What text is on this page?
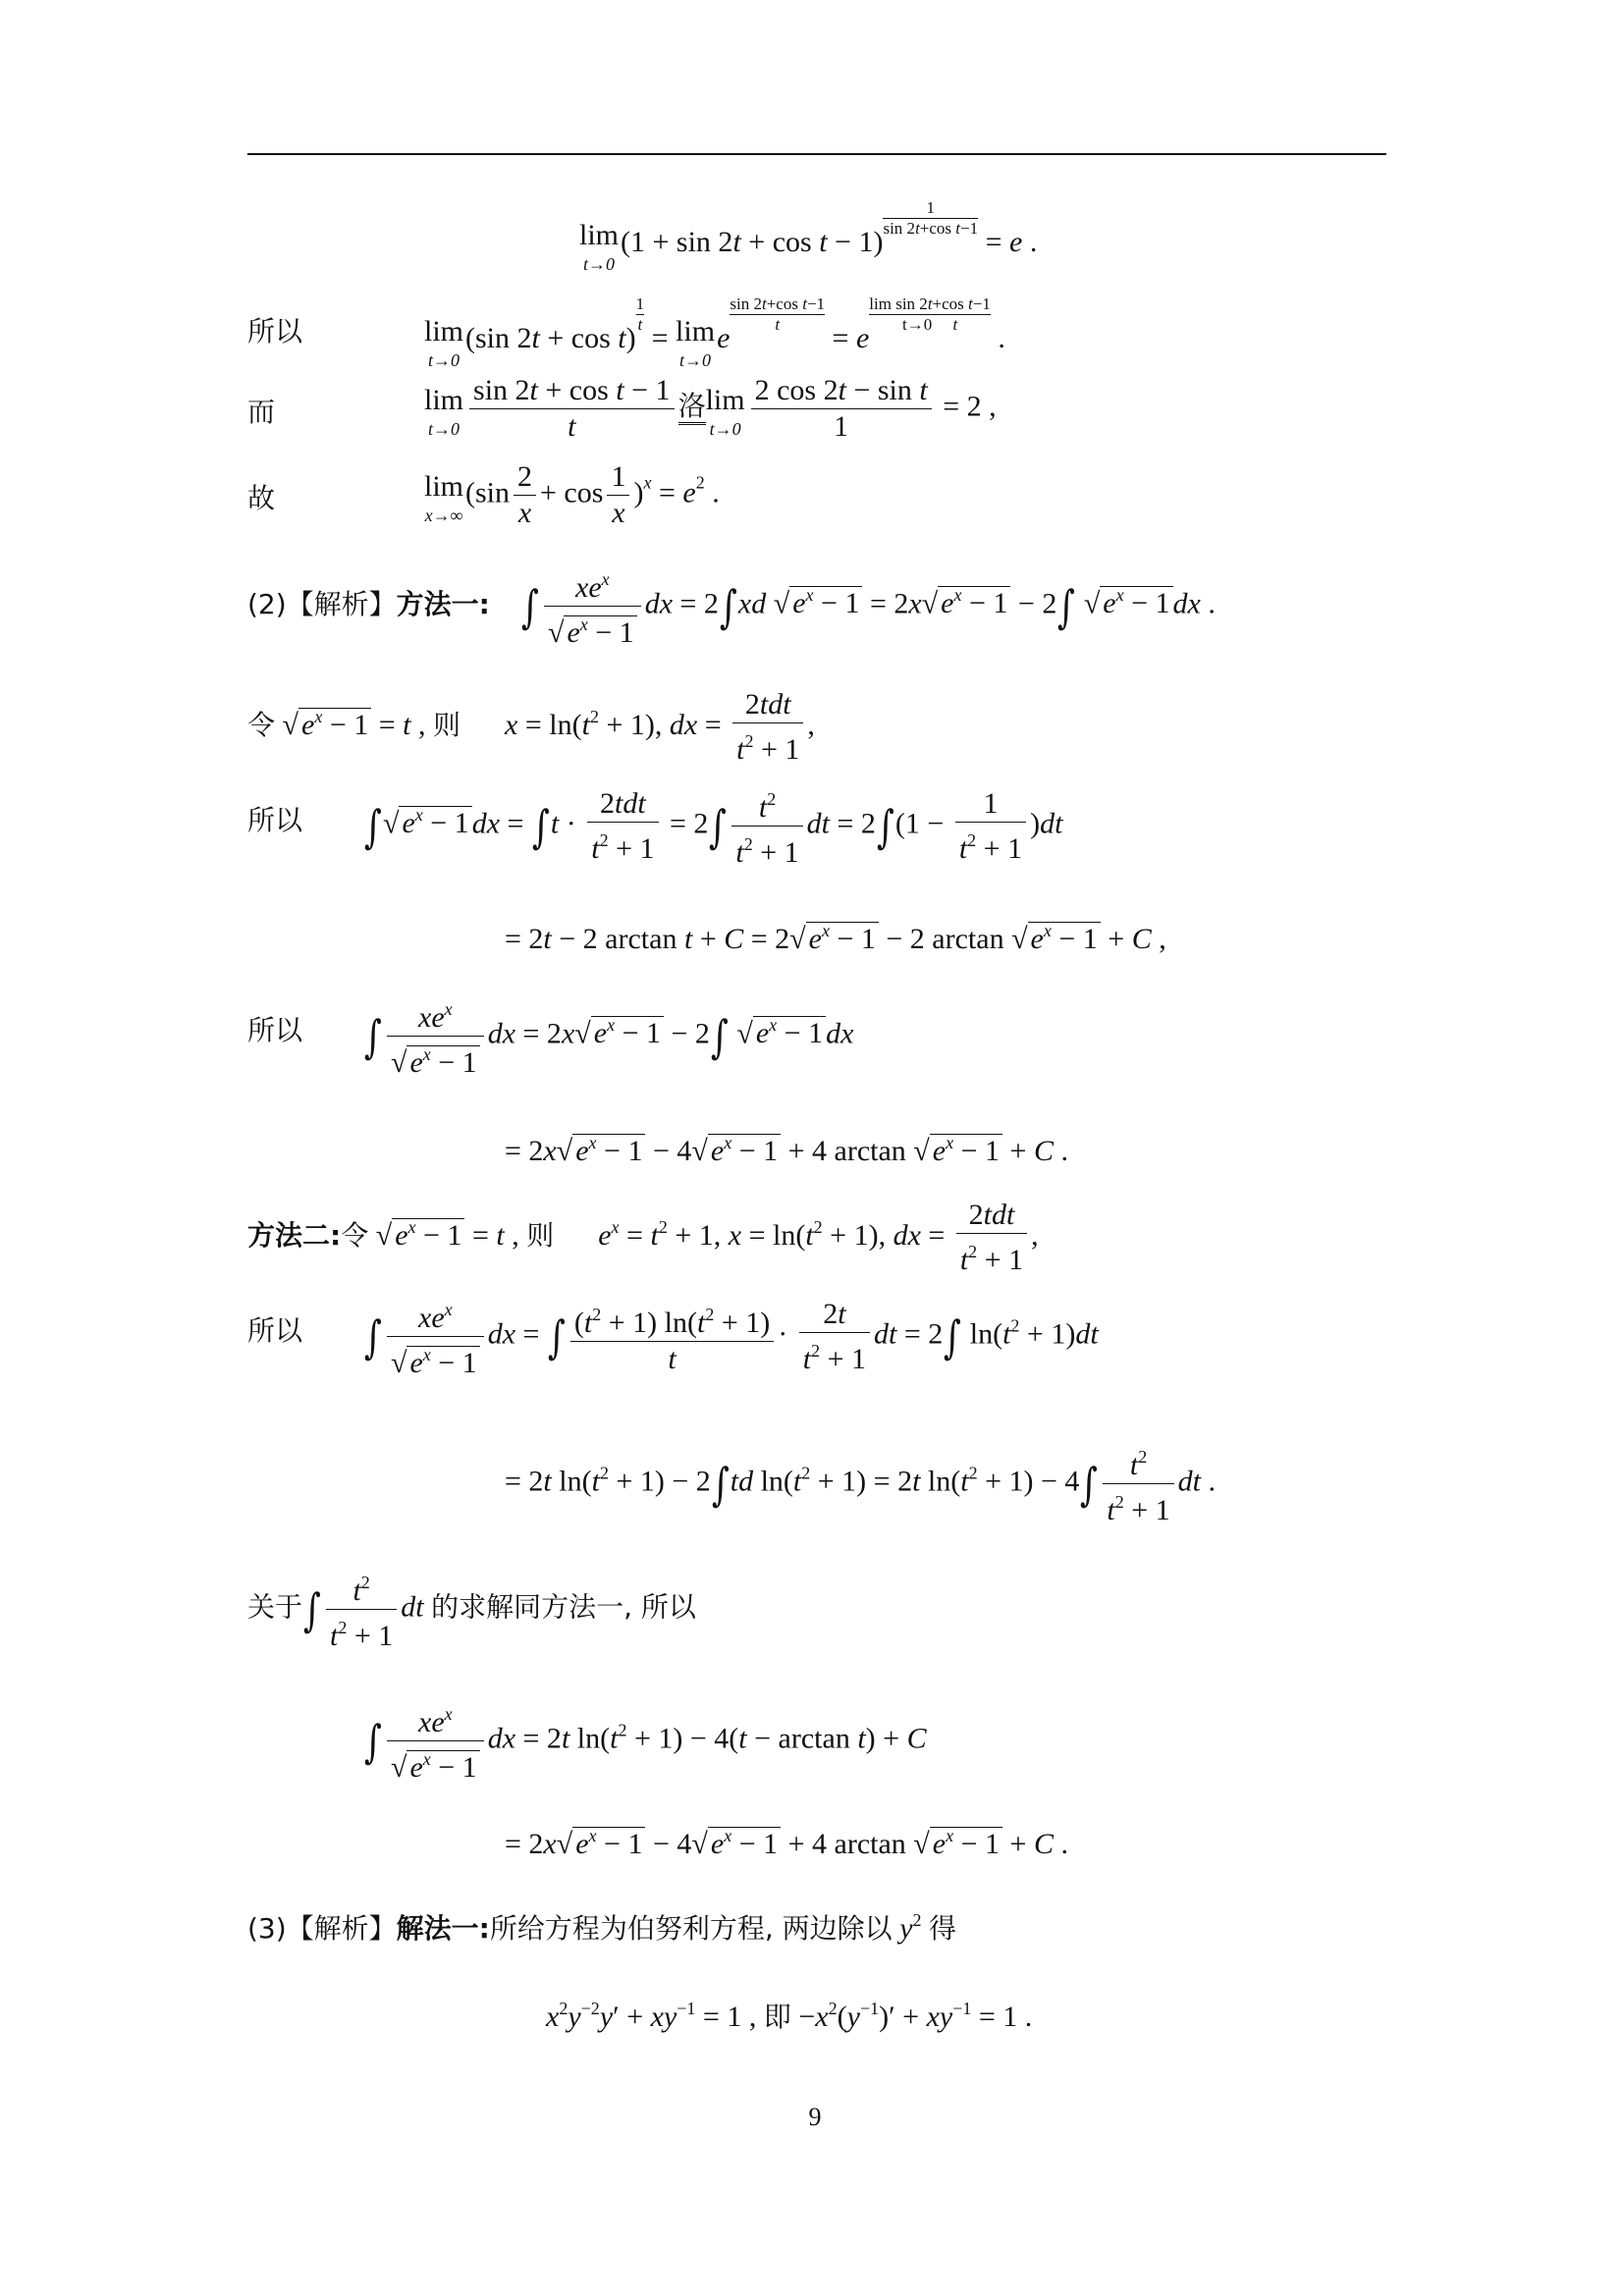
lim
t→0
(1 + sin 2t + cos t − 1)
$\frac{1}{\text{sin 2t+cos t−1}}$
= e .
所以	lim
t→0
(sin 2t + cos t)
$\frac{1}{t}$
= lim
t→0
e
$\frac{\text{sin 2t+cos t−1}}{t}$
= e
$\frac{\text{lim sin 2t+cos t−1}}{t\to 0 t}$
.
而	lim
$t\to 0 \frac{\text{sin 2t + cos t − 1}}{t}$ 洛 lim
$t\to 0 \frac{\text{2 cos 2t − sin t}}{1} = 2$ ,
故	lim
x→∞
$(\sin \frac{2}{x} + \cos \frac{1}{x} )^x = e^2$ .
(2)【解析】方法一: ∫	$xe^x$
√ $e^x - 1$
dx = 2∫xd √ $e^x - 1 = 2x√$ $e^x - 1 - 2\int$ √ $e^x - 1$ dx .
令 √ $e^x - 1 = t$ , 则 $x = \ln(t^2 + 1)$, dx =
2tdt
$t^2 + 1$
,
所以 ∫√ $e^x - 1$ dx = ∫t ·
2tdt
$t^2 + 1$
= $2\int \frac{t^2}{t^2 + 1}$ dt = $2\int(1 - \frac{1}{t^2 + 1} )dt$
= 2t − 2 arctan t + C = 2√ $e^x - 1 - 2$ arctan √ $e^x - 1 + C$ ,
所以 ∫	$xe^x$
√ $e^x - 1$
dx = 2x√ $e^x - 1 - 2\int$ √ $e^x - 1$ dx
= 2x√ $e^x - 1 - 4√$ $e^x - 1 + 4$ arctan √ $e^x - 1 + C$ .
方法二:令 √ $e^x - 1 = t$ , 则 $e^x = t^2 + 1$, $x = \ln(t^2 + 1)$, dx =
2tdt
$t^2 + 1$
,
所以 ∫	$xe^x$
√ $e^x - 1$
dx = ∫ $\frac{(t^2 + 1) \ln(t^2 + 1)}{t} \cdot \frac{2t}{t^2 + 1}$ dt = 2∫ $\ln(t^2 + 1)dt$
= 2t $\ln(t^2 + 1) - 2\int td$ $\ln(t^2 + 1) = 2t$ $\ln(t^2 + 1) - 4\int \frac{t^2}{t^2 + 1}$ dt .
关于∫ $\frac{t^2}{t^2 + 1}$ dt 的求解同方法一, 所以
∫	$xe^x$
√ $e^x - 1$
dx = 2t $\ln(t^2 + 1) - 4(t - \arctan t) + C$
= 2x√ $e^x - 1 - 4√$ $e^x - 1 + 4$ arctan √ $e^x - 1 + C$ .
(3)【解析】解法一:所给方程为伯努利方程, 两边除以 $y^2$ 得
$x^2y^{-2}y' + xy^{-1} = 1$ , 即 $-x^2(y^{-1})' + xy^{-1} = 1$ .
9
